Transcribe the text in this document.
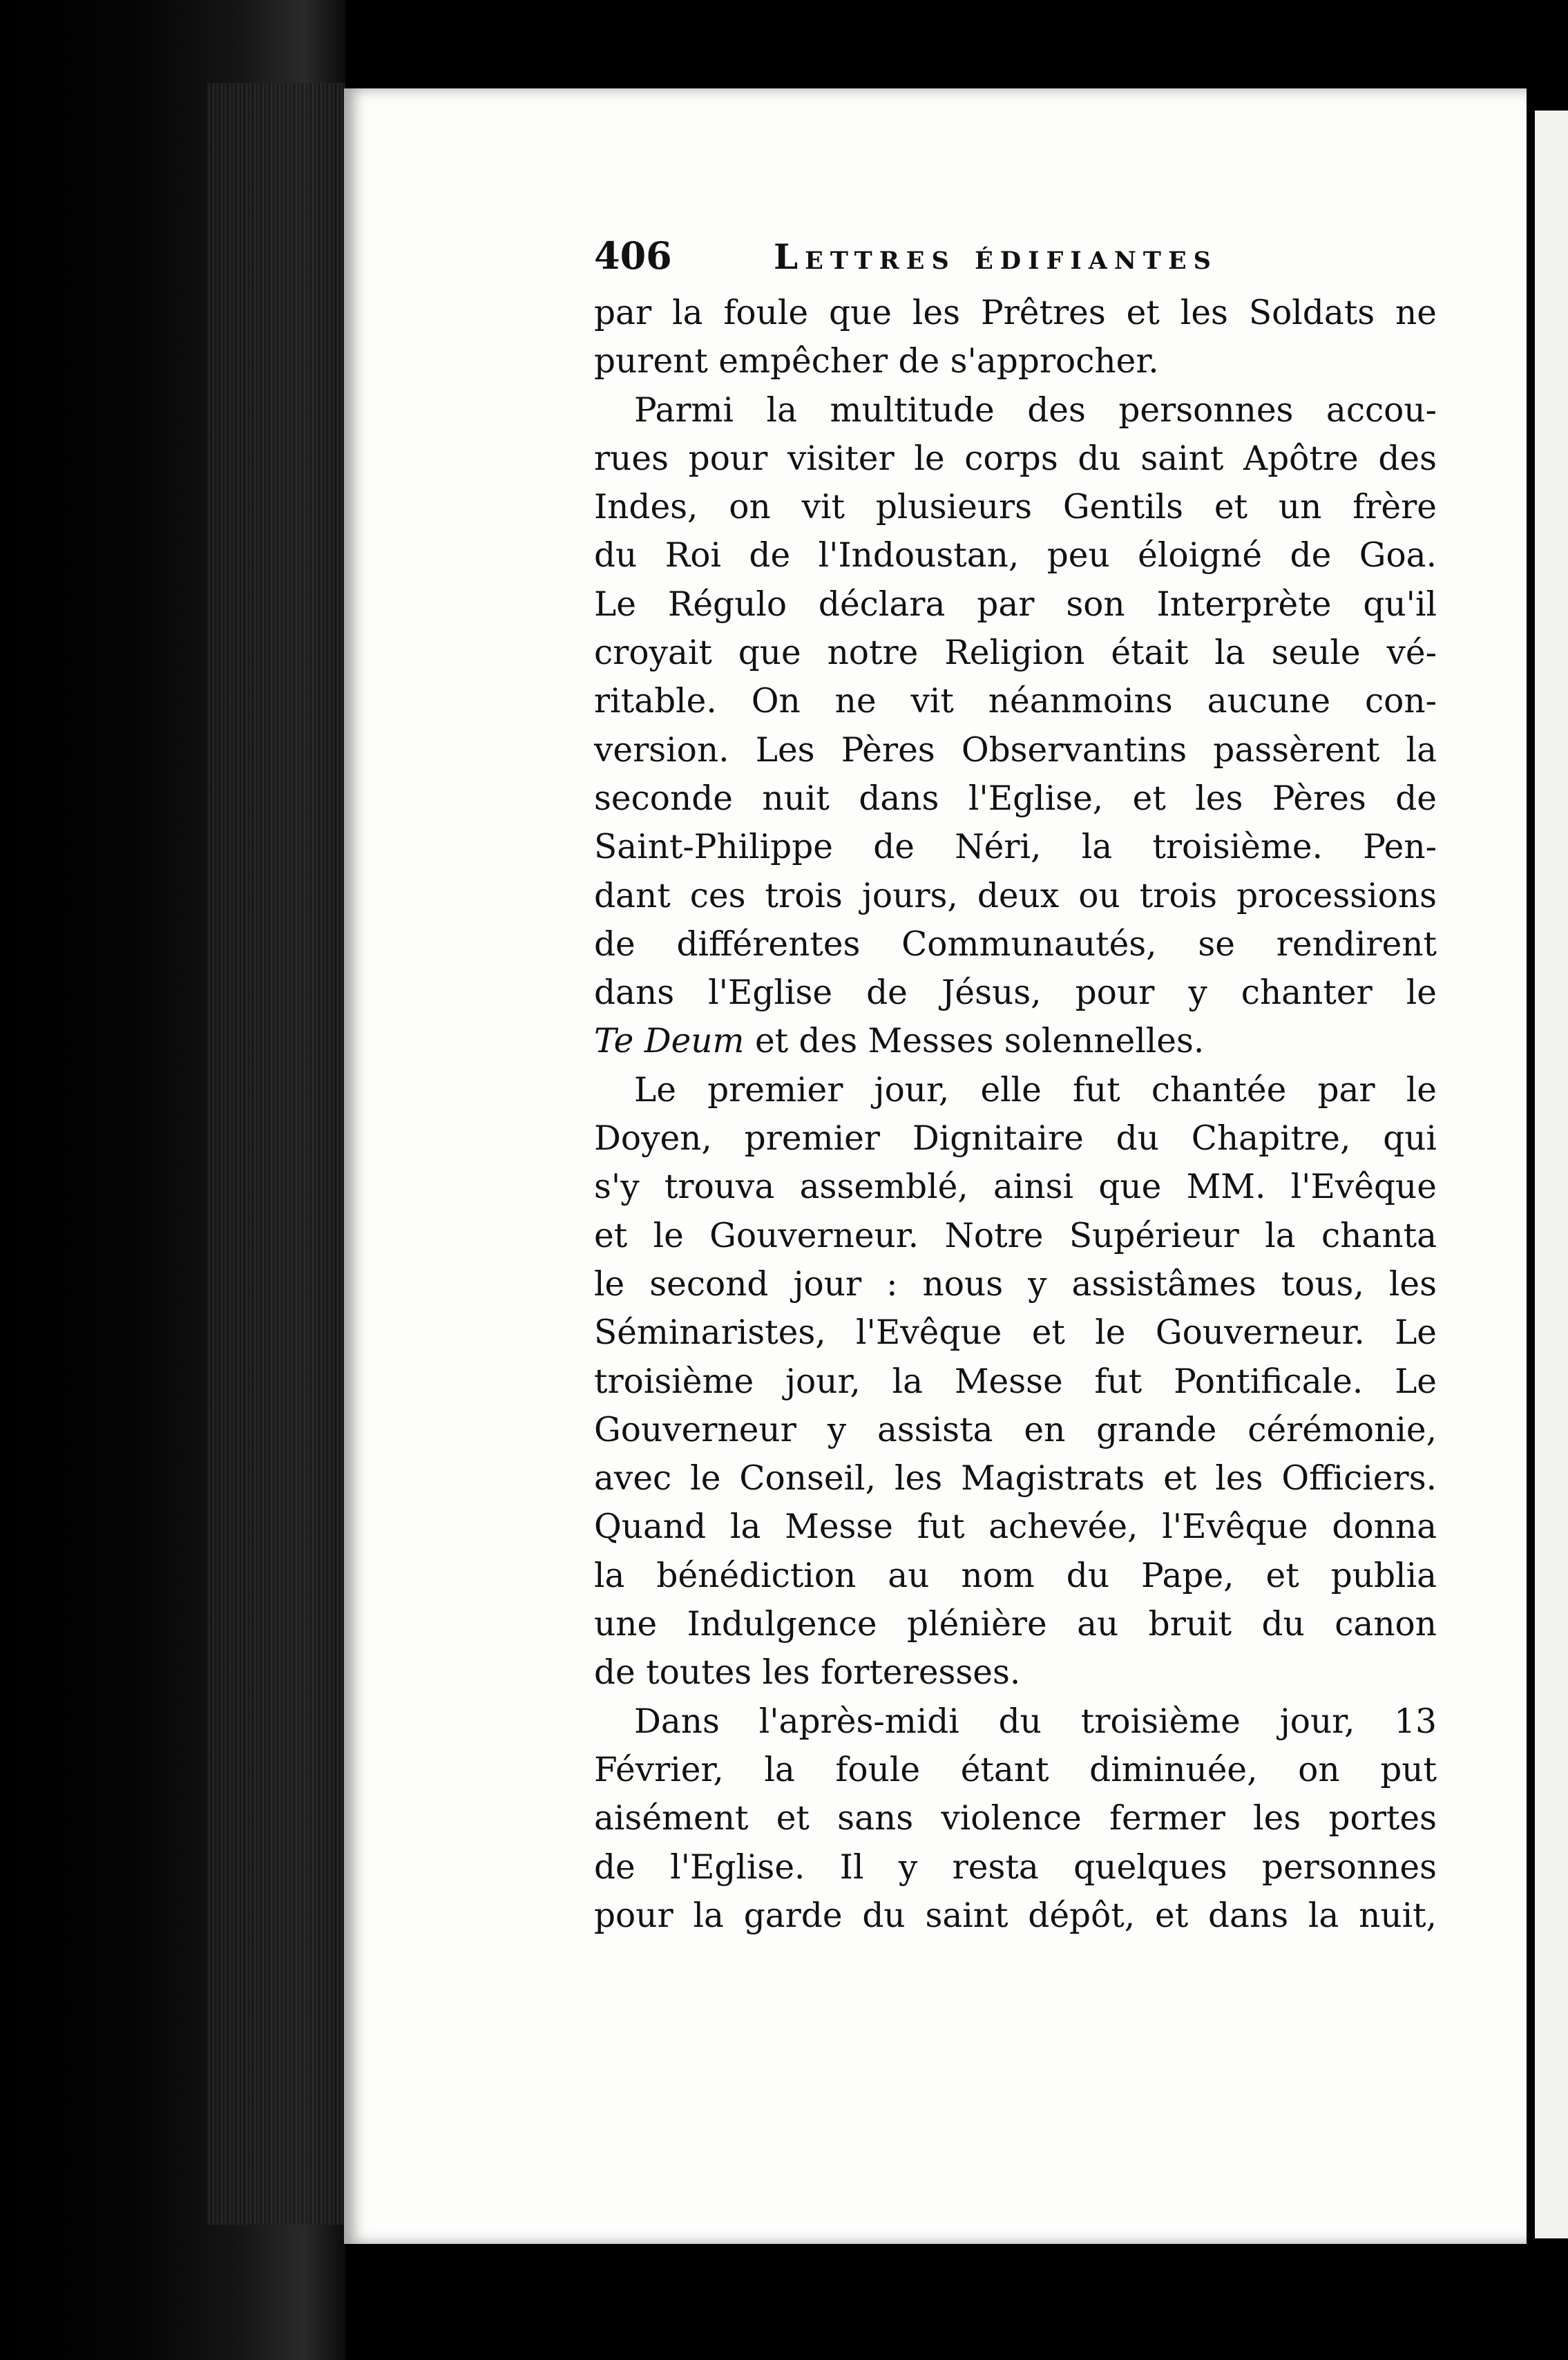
406	Lettres édifiantes
par la foule que les Prêtres et les Soldats ne
purent empêcher de s'approcher.
Parmi la multitude des personnes accou-
rues pour visiter le corps du saint Apôtre des
Indes, on vit plusieurs Gentils et un frère
du Roi de l'Indoustan, peu éloigné de Goa.
Le Régulo déclara par son Interprète qu'il
croyait que notre Religion était la seule vé-
ritable. On ne vit néanmoins aucune con-
version. Les Pères Observantins passèrent la
seconde nuit dans l'Eglise, et les Pères de
Saint-Philippe de Néri, la troisième. Pen-
dant ces trois jours, deux ou trois processions
de différentes Communautés, se rendirent
dans l'Eglise de Jésus, pour y chanter le
Te Deum et des Messes solennelles.
Le premier jour, elle fut chantée par le
Doyen, premier Dignitaire du Chapitre, qui
s'y trouva assemblé, ainsi que MM. l'Evêque
et le Gouverneur. Notre Supérieur la chanta
le second jour : nous y assistâmes tous, les
Séminaristes, l'Evêque et le Gouverneur. Le
troisième jour, la Messe fut Pontificale. Le
Gouverneur y assista en grande cérémonie,
avec le Conseil, les Magistrats et les Officiers.
Quand la Messe fut achevée, l'Evêque donna
la bénédiction au nom du Pape, et publia
une Indulgence plénière au bruit du canon
de toutes les forteresses.
Dans l'après-midi du troisième jour, 13
Février, la foule étant diminuée, on put
aisément et sans violence fermer les portes
de l'Eglise. Il y resta quelques personnes
pour la garde du saint dépôt, et dans la nuit,
